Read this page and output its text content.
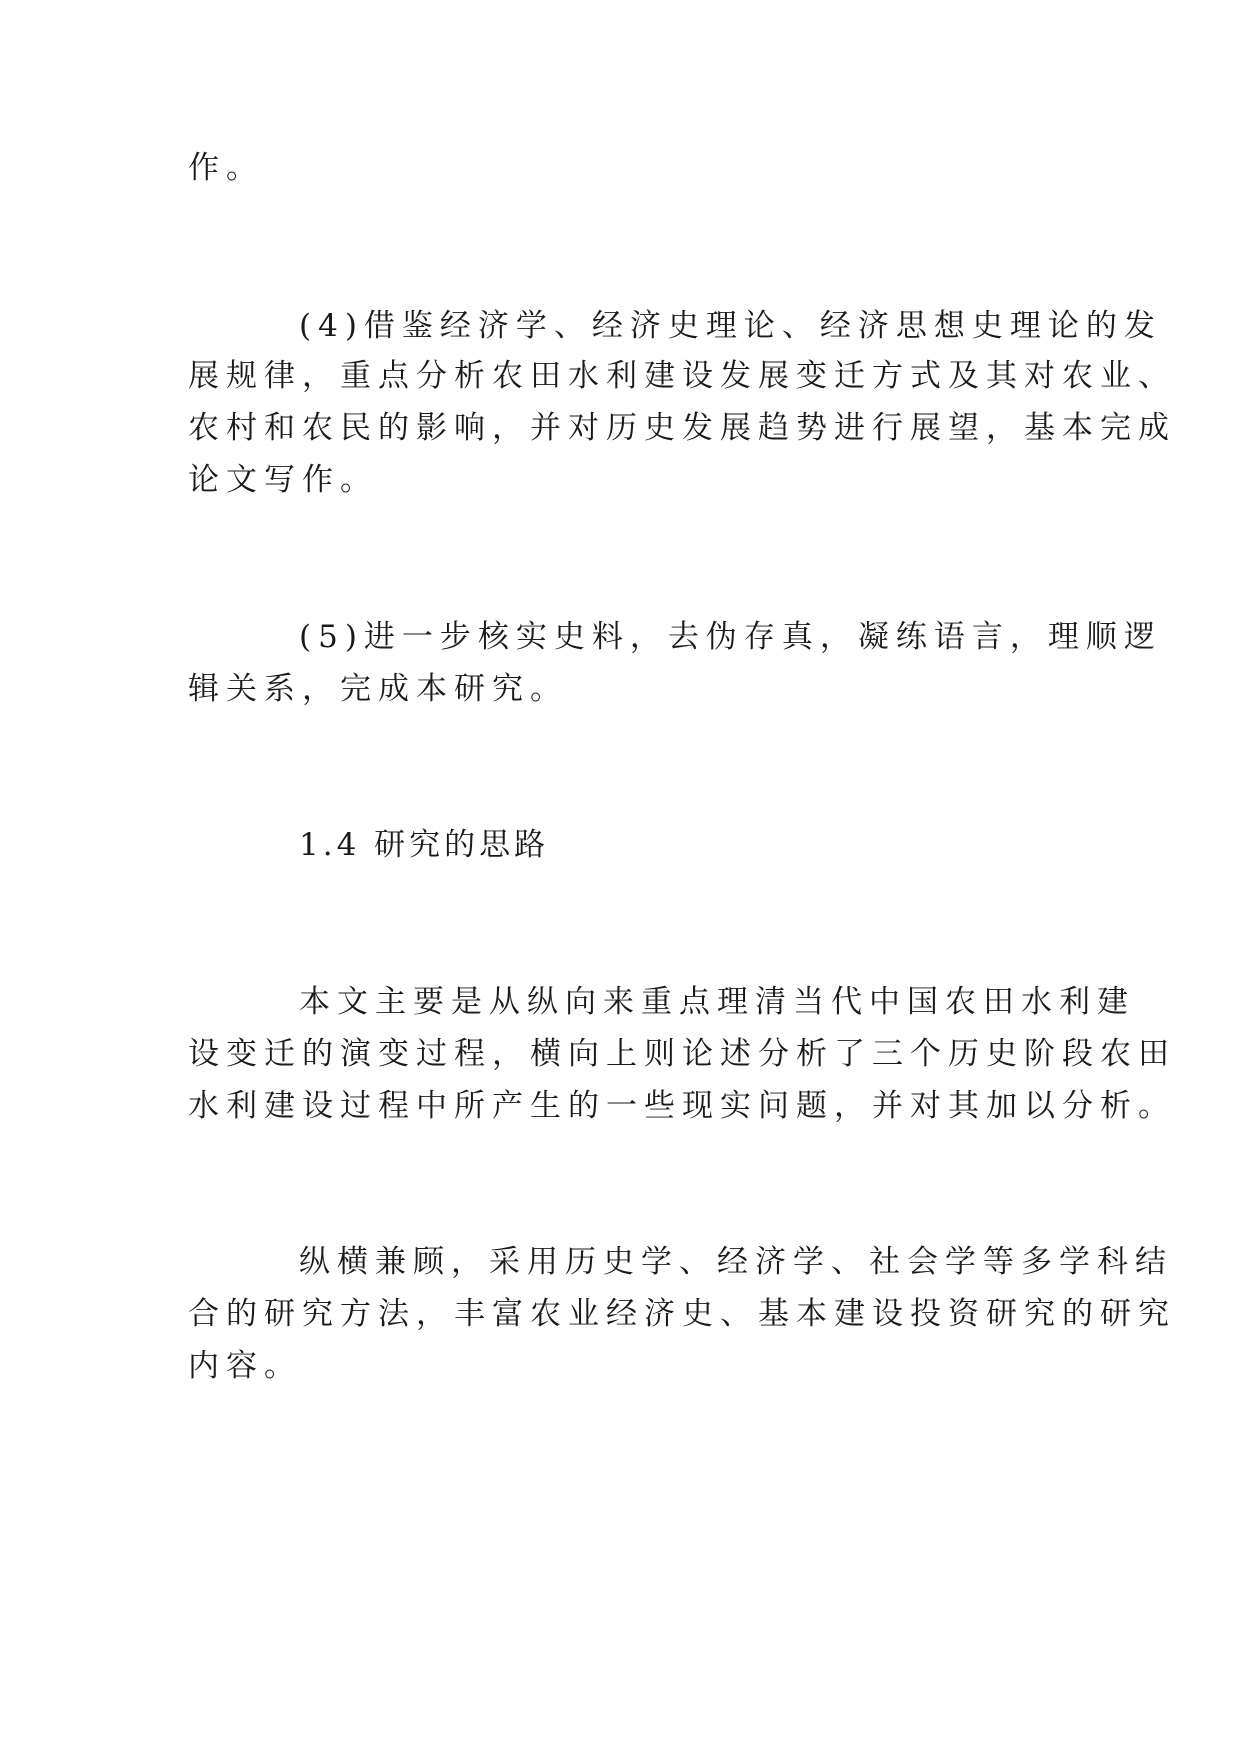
作。

(4)借鉴经济学、经济史理论、经济思想史理论的发

展规律，重点分析农田水利建设发展变迁方式及其对农业、

农村和农民的影响，并对历史发展趋势进行展望，基本完成

论文写作。

(5)进一步核实史料，去伪存真，凝练语言，理顺逻

辑关系，完成本研究。

1.4 研究的思路

本文主要是从纵向来重点理清当代中国农田水利建

设变迁的演变过程，横向上则论述分析了三个历史阶段农田

水利建设过程中所产生的一些现实问题，并对其加以分析。

纵横兼顾，采用历史学、经济学、社会学等多学科结

合的研究方法，丰富农业经济史、基本建设投资研究的研究

内容。
